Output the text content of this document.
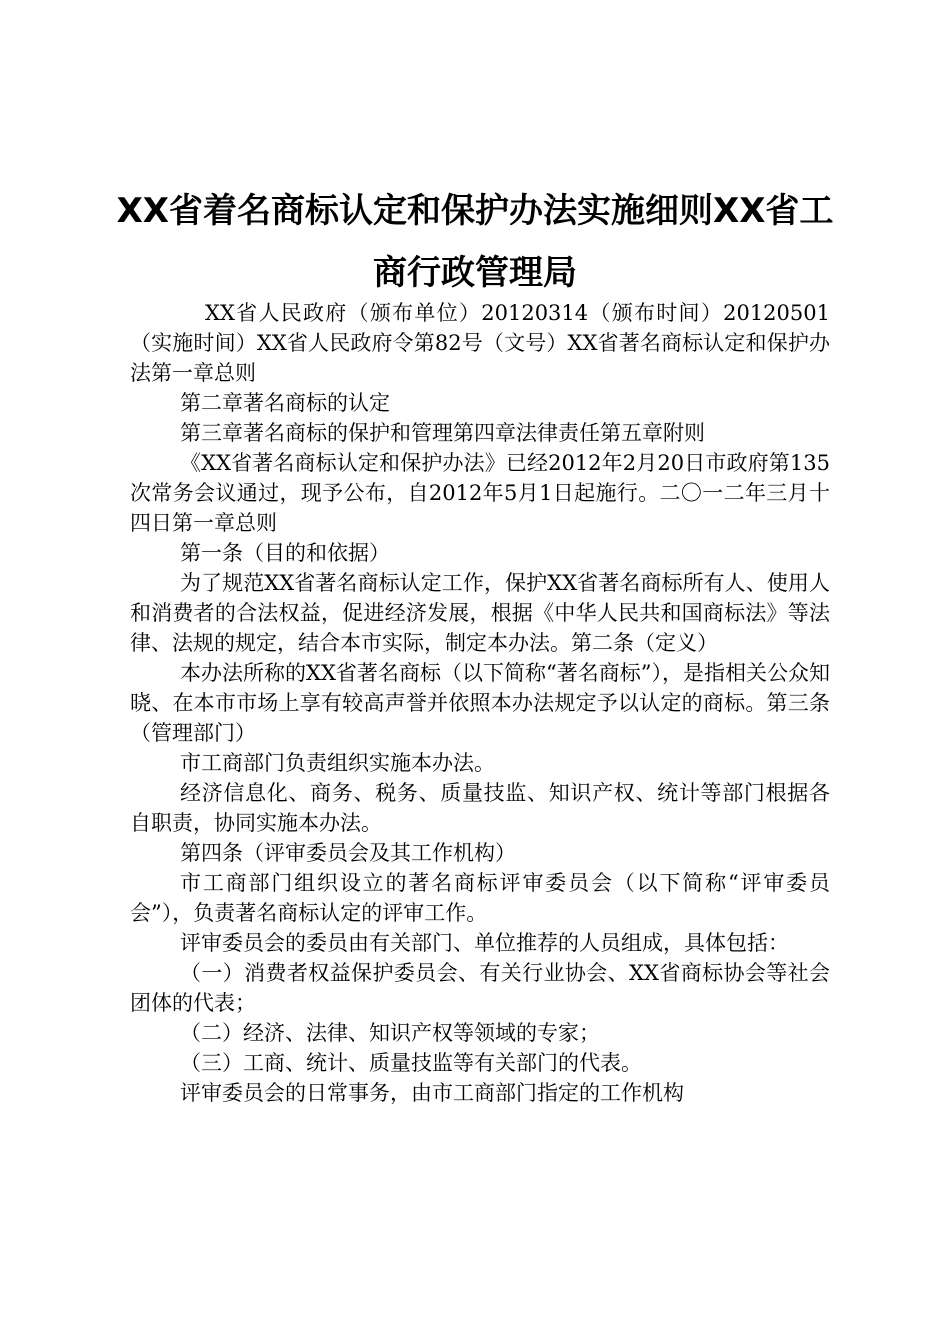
XX省着名商标认定和保护办法实施细则XX省工商行政管理局

XX省人民政府（颁布单位）20120314（颁布时间）20120501（实施时间）XX省人民政府令第82号（文号）XX省著名商标认定和保护办法第一章总则

第二章著名商标的认定

第三章著名商标的保护和管理第四章法律责任第五章附则

《XX省著名商标认定和保护办法》已经2012年2月20日市政府第135次常务会议通过，现予公布，自2012年5月1日起施行。二〇一二年三月十四日第一章总则

第一条（目的和依据）

为了规范XX省著名商标认定工作，保护XX省著名商标所有人、使用人和消费者的合法权益，促进经济发展，根据《中华人民共和国商标法》等法律、法规的规定，结合本市实际，制定本办法。第二条（定义）

本办法所称的XX省著名商标（以下简称“著名商标”），是指相关公众知晓、在本市市场上享有较高声誉并依照本办法规定予以认定的商标。第三条（管理部门）

市工商部门负责组织实施本办法。

经济信息化、商务、税务、质量技监、知识产权、统计等部门根据各自职责，协同实施本办法。

第四条（评审委员会及其工作机构）

市工商部门组织设立的著名商标评审委员会（以下简称“评审委员会”），负责著名商标认定的评审工作。

评审委员会的委员由有关部门、单位推荐的人员组成，具体包括：

（一）消费者权益保护委员会、有关行业协会、XX省商标协会等社会团体的代表；

（二）经济、法律、知识产权等领域的专家；

（三）工商、统计、质量技监等有关部门的代表。

评审委员会的日常事务，由市工商部门指定的工作机构
